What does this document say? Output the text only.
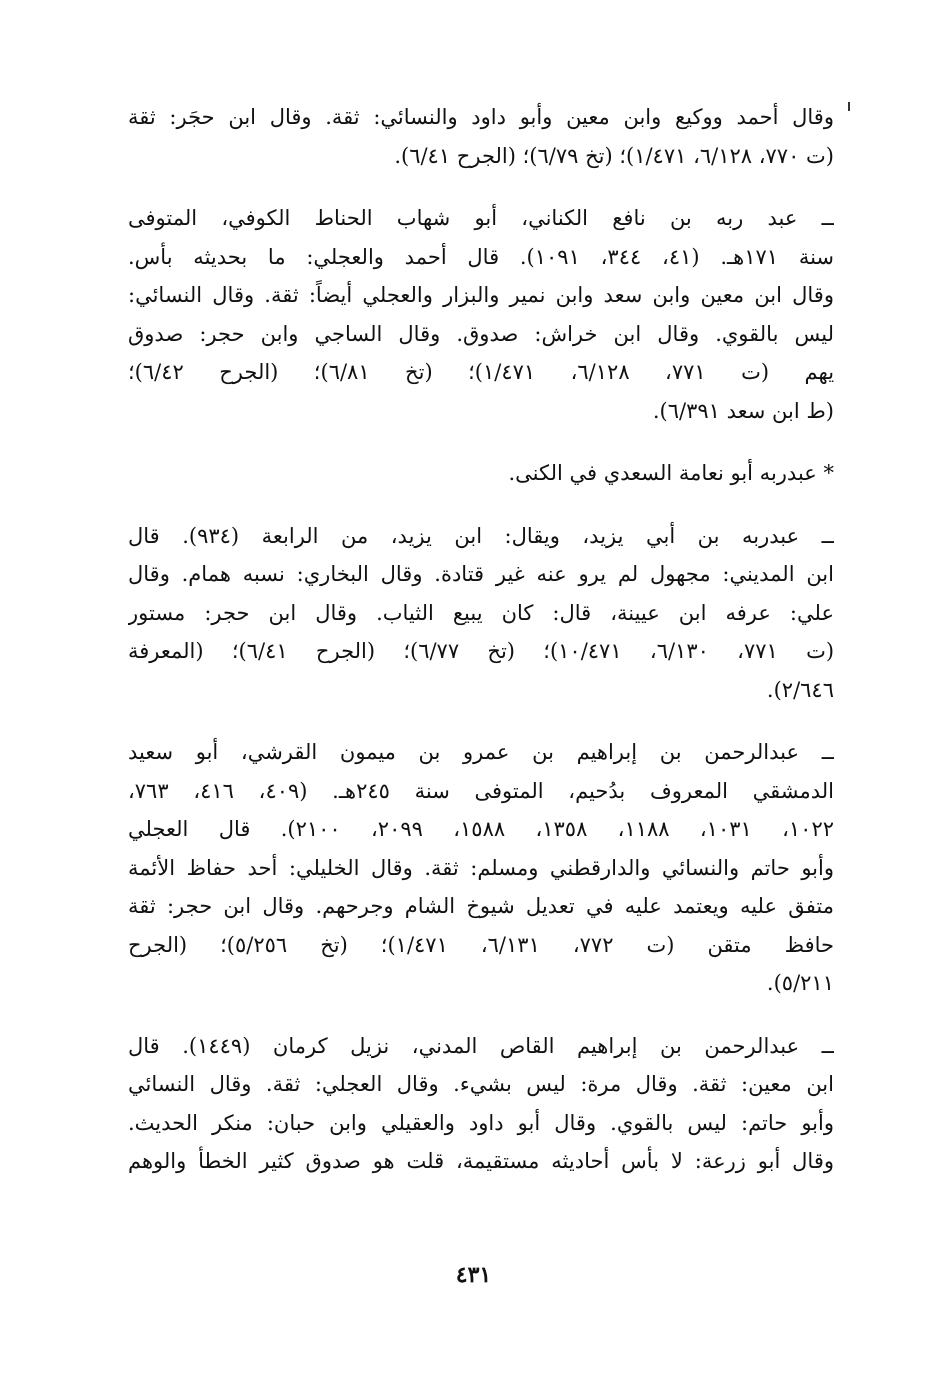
وقال أحمد ووكيع وابن معين وأبو داود والنسائي: ثقة. وقال ابن حجَر: ثقة
(ت ٧٧٠، ٦/١٢٨، ١/٤٧١)؛ (تخ ٦/٧٩)؛ (الجرح ٦/٤١).
ــ عبد ربه بن نافع الكناني، أبو شهاب الحناط الكوفي، المتوفى
سنة ١٧١هـ. (٤١، ٣٤٤، ١٠٩١). قال أحمد والعجلي: ما بحديثه بأس.
وقال ابن معين وابن سعد وابن نمير والبزار والعجلي أيضاً: ثقة. وقال النسائي:
ليس بالقوي. وقال ابن خراش: صدوق. وقال الساجي وابن حجر: صدوق
يهم (ت ٧٧١، ٦/١٢٨، ١/٤٧١)؛ (تخ ٦/٨١)؛ (الجرح ٦/٤٢)؛
(ط ابن سعد ٦/٣٩١).
* عبدربه أبو نعامة السعدي في الكنى.
ــ عبدربه بن أبي يزيد، ويقال: ابن يزيد، من الرابعة (٩٣٤). قال
ابن المديني: مجهول لم يرو عنه غير قتادة. وقال البخاري: نسبه همام. وقال
علي: عرفه ابن عيينة، قال: كان يبيع الثياب. وقال ابن حجر: مستور
(ت ٧٧١، ٦/١٣٠، ١٠/٤٧١)؛ (تخ ٦/٧٧)؛ (الجرح ٦/٤١)؛ (المعرفة
٢/٦٤٦).
ــ عبدالرحمن بن إبراهيم بن عمرو بن ميمون القرشي، أبو سعيد
الدمشقي المعروف بدُحيم، المتوفى سنة ٢٤٥هـ. (٤٠٩، ٤١٦، ٧٦٣،
١٠٢٢، ١٠٣١، ١١٨٨، ١٣٥٨، ١٥٨٨، ٢٠٩٩، ٢١٠٠). قال العجلي
وأبو حاتم والنسائي والدارقطني ومسلم: ثقة. وقال الخليلي: أحد حفاظ الأئمة
متفق عليه ويعتمد عليه في تعديل شيوخ الشام وجرحهم. وقال ابن حجر: ثقة
حافظ متقن (ت ٧٧٢، ٦/١٣١، ١/٤٧١)؛ (تخ ٥/٢٥٦)؛ (الجرح
٥/٢١١).
ــ عبدالرحمن بن إبراهيم القاص المدني، نزيل كرمان (١٤٤٩). قال
ابن معين: ثقة. وقال مرة: ليس بشيء. وقال العجلي: ثقة. وقال النسائي
وأبو حاتم: ليس بالقوي. وقال أبو داود والعقيلي وابن حبان: منكر الحديث.
وقال أبو زرعة: لا بأس أحاديثه مستقيمة، قلت هو صدوق كثير الخطأ والوهم
٤٣١
